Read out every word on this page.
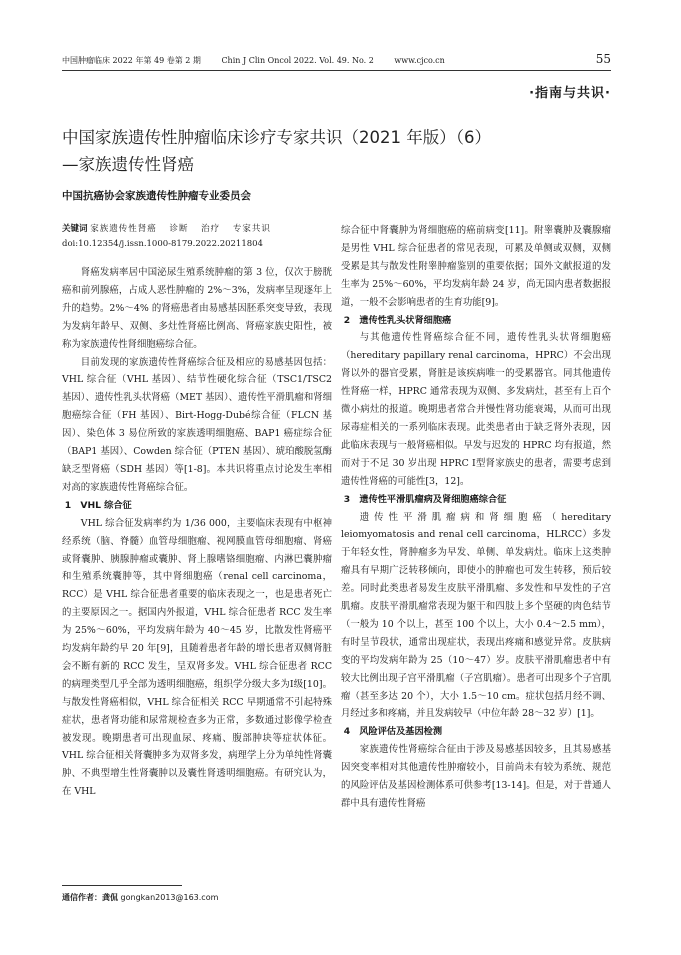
中国肿瘤临床 2022 年第 49 卷第 2 期	Chin J Clin Oncol 2022. Vol. 49. No. 2	www.cjco.cn	55
·指南与共识·
中国家族遗传性肿瘤临床诊疗专家共识（2021 年版）（6）
—家族遗传性肾癌
中国抗癌协会家族遗传性肿瘤专业委员会
关键词 家族遗传性肾癌 诊断 治疗 专家共识
doi:10.12354/j.issn.1000-8179.2022.20211804

肾癌发病率居中国泌尿生殖系统肿瘤的第 3 位，仅次于膀胱癌和前列腺癌，占成人恶性肿瘤的 2%～3%，发病率呈现逐年上升的趋势。2%～4% 的肾癌患者由易感基因胚系突变导致，表现为发病年龄早、双侧、多灶性肾癌比例高、肾癌家族史阳性，被称为家族遗传性肾细胞癌综合征。

目前发现的家族遗传性肾癌综合征及相应的易感基因包括：VHL 综合征（VHL 基因）、结节性硬化综合征（TSC1/TSC2 基因）、遗传性乳头状肾癌（MET 基因）、遗传性平滑肌瘤和肾细胞癌综合征（FH 基因）、Birt-Hogg-Dubé综合征（FLCN 基因）、染色体 3 易位所致的家族透明细胞癌、BAP1 癌症综合征（BAP1 基因）、Cowden 综合征（PTEN 基因）、琥珀酸脱氢酶缺乏型肾癌（SDH 基因）等[1-8]。本共识将重点讨论发生率相对高的家族遗传性肾癌综合征。

1　VHL 综合征

VHL 综合征发病率约为 1/36 000，主要临床表现有中枢神经系统（脑、脊髓）血管母细胞瘤、视网膜血管母细胞瘤、肾癌或肾囊肿、胰腺肿瘤或囊肿、肾上腺嗜铬细胞瘤、内淋巴囊肿瘤和生殖系统囊肿等，其中肾细胞癌（renal cell carcinoma，RCC）是 VHL 综合征患者重要的临床表现之一，也是患者死亡的主要原因之一。据国内外报道，VHL 综合征患者 RCC 发生率为 25%～60%，平均发病年龄为 40～45 岁，比散发性肾癌平均发病年龄约早 20 年[9]，且随着患者年龄的增长患者双侧肾脏会不断有新的 RCC 发生，呈双肾多发。VHL 综合征患者 RCC 的病理类型几乎全部为透明细胞癌，组织学分级大多为Ⅰ级[10]。与散发性肾癌相似，VHL 综合征相关 RCC 早期通常不引起特殊症状，患者肾功能和尿常规检查多为正常，多数通过影像学检查被发现。晚期患者可出现血尿、疼痛、腹部肿块等症状体征。VHL 综合征相关肾囊肿多为双肾多发，病理学上分为单纯性肾囊肿、不典型增生性肾囊肿以及囊性肾透明细胞癌。有研究认为，在 VHL

综合征中肾囊肿为肾细胞癌的癌前病变[11]。附睾囊肿及囊腺瘤是男性 VHL 综合征患者的常见表现，可累及单侧或双侧，双侧受累是其与散发性附睾肿瘤鉴别的重要依据；国外文献报道的发生率为 25%～60%，平均发病年龄 24 岁，尚无国内患者数据报道，一般不会影响患者的生育功能[9]。

2　遗传性乳头状肾细胞癌

与其他遗传性肾癌综合征不同，遗传性乳头状肾细胞癌（hereditary papillary renal carcinoma，HPRC）不会出现肾以外的器官受累，肾脏是该疾病唯一的受累器官。同其他遗传性肾癌一样，HPRC 通常表现为双侧、多发病灶，甚至有上百个微小病灶的报道。晚期患者常合并慢性肾功能衰竭，从而可出现尿毒症相关的一系列临床表现。此类患者由于缺乏肾外表现，因此临床表现与一般肾癌相似。早发与迟发的 HPRC 均有报道，然而对于不足 30 岁出现 HPRC Ⅰ型肾家族史的患者，需要考虑到遗传性肾癌的可能性[3，12]。

3　遗传性平滑肌瘤病及肾细胞癌综合征

遗传性平滑肌瘤病和肾细胞癌（hereditary leiomyomatosis and renal cell carcinoma，HLRCC）多发于年轻女性，肾肿瘤多为早发、单侧、单发病灶。临床上这类肿瘤具有早期广泛转移倾向，即使小的肿瘤也可发生转移，预后较差。同时此类患者易发生皮肤平滑肌瘤、多发性和早发性的子宫肌瘤。皮肤平滑肌瘤常表现为躯干和四肢上多个坚硬的肉色结节（一般为 10 个以上，甚至 100 个以上，大小 0.4～2.5 mm），有时呈节段状，通常出现症状，表现出疼痛和感觉异常。皮肤病变的平均发病年龄为 25（10～47）岁。皮肤平滑肌瘤患者中有较大比例出现子宫平滑肌瘤（子宫肌瘤）。患者可出现多个子宫肌瘤（甚至多达 20 个），大小 1.5～10 cm。症状包括月经不调、月经过多和疼痛，并且发病较早（中位年龄 28～32 岁）[1]。

4　风险评估及基因检测

家族遗传性肾癌综合征由于涉及易感基因较多，且其易感基因突变率相对其他遗传性肿瘤较小，目前尚未有较为系统、规范的风险评估及基因检测体系可供参考[13-14]。但是，对于普通人群中具有遗传性肾癌

通信作者：龚侃 gongkan2013@163.com
